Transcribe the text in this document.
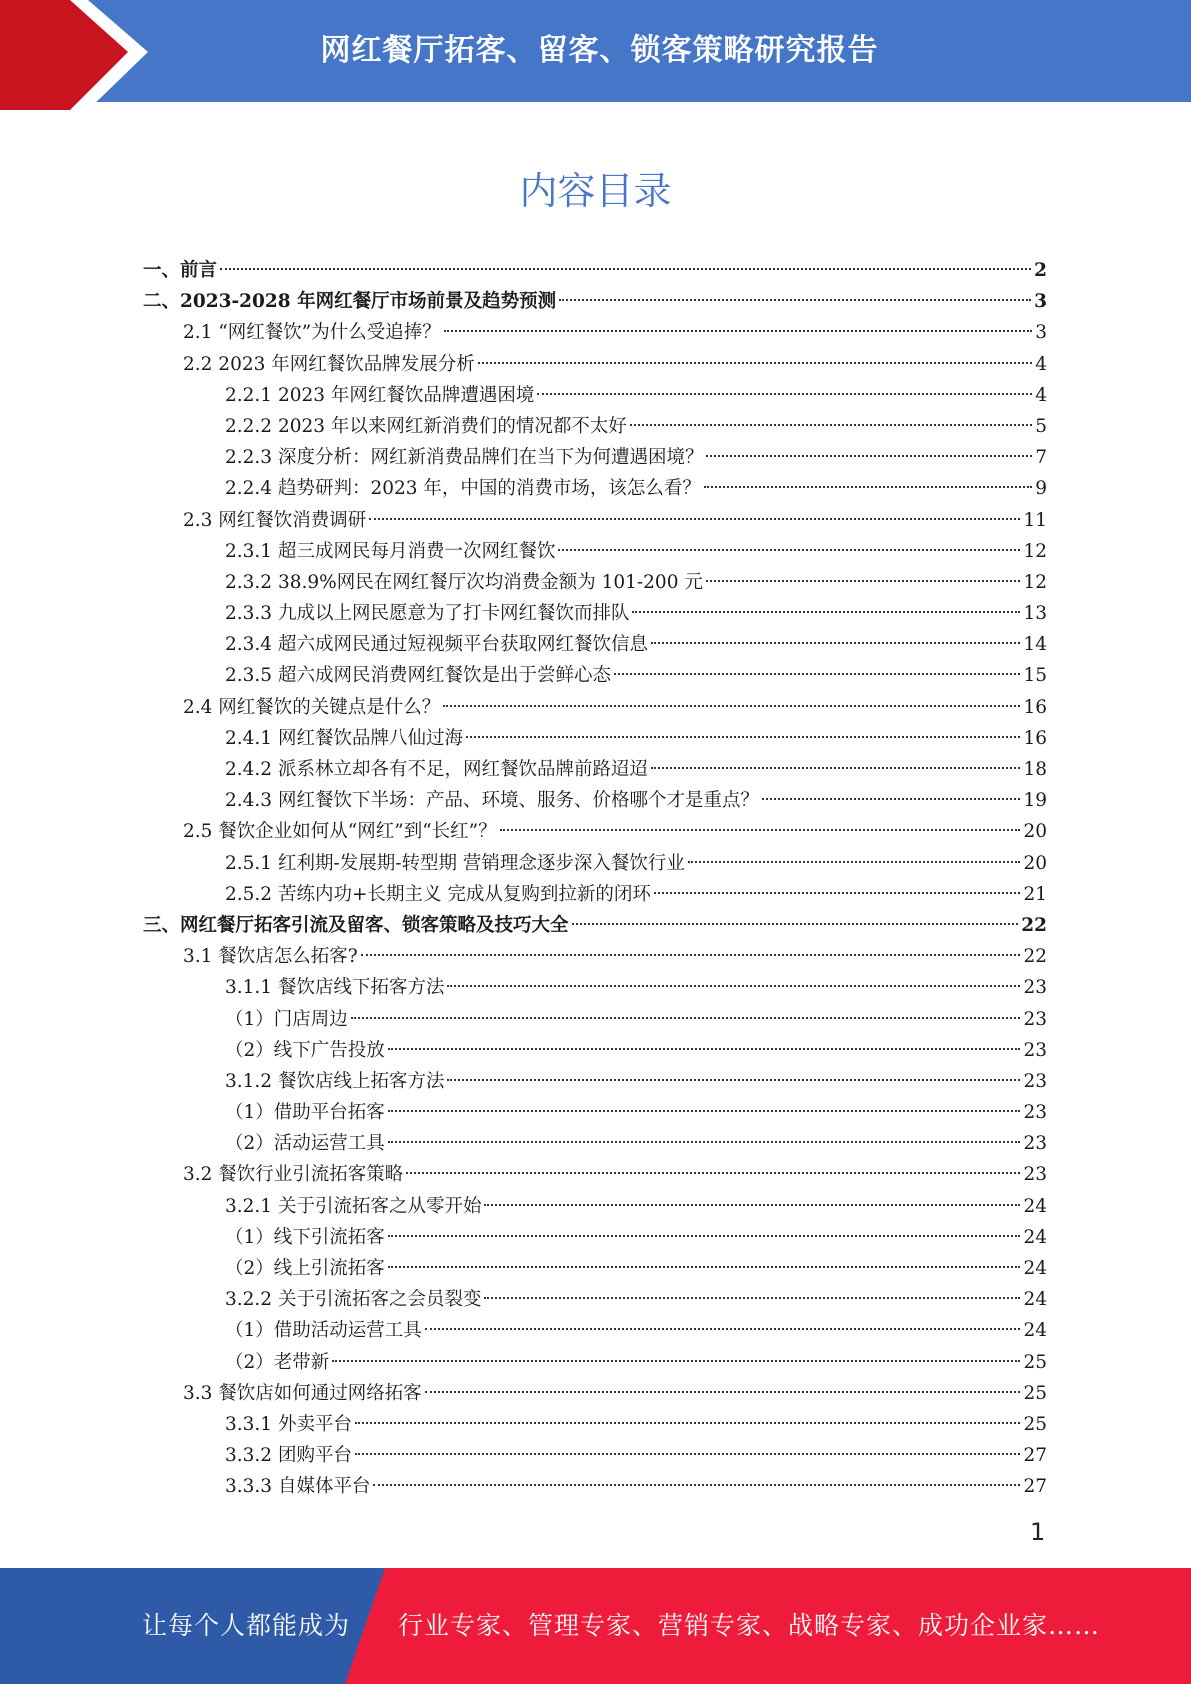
网红餐厅拓客、留客、锁客策略研究报告
内容目录
一、前言	2
二、2023-2028 年网红餐厅市场前景及趋势预测	3
2.1 “网红餐饮”为什么受追捧？	3
2.2 2023 年网红餐饮品牌发展分析	4
2.2.1 2023 年网红餐饮品牌遭遇困境	4
2.2.2 2023 年以来网红新消费们的情况都不太好	5
2.2.3 深度分析：网红新消费品牌们在当下为何遭遇困境？	7
2.2.4 趋势研判：2023 年，中国的消费市场，该怎么看？	9
2.3 网红餐饮消费调研	11
2.3.1 超三成网民每月消费一次网红餐饮	12
2.3.2 38.9%网民在网红餐厅次均消费金额为 101-200 元	12
2.3.3 九成以上网民愿意为了打卡网红餐饮而排队	13
2.3.4 超六成网民通过短视频平台获取网红餐饮信息	14
2.3.5 超六成网民消费网红餐饮是出于尝鲜心态	15
2.4 网红餐饮的关键点是什么？	16
2.4.1 网红餐饮品牌八仙过海	16
2.4.2 派系林立却各有不足，网红餐饮品牌前路迢迢	18
2.4.3 网红餐饮下半场：产品、环境、服务、价格哪个才是重点？	19
2.5 餐饮企业如何从“网红”到“长红”？	20
2.5.1 红利期-发展期-转型期 营销理念逐步深入餐饮行业	20
2.5.2 苦练内功+长期主义 完成从复购到拉新的闭环	21
三、网红餐厅拓客引流及留客、锁客策略及技巧大全	22
3.1 餐饮店怎么拓客?	22
3.1.1 餐饮店线下拓客方法	23
（1）门店周边	23
（2）线下广告投放	23
3.1.2 餐饮店线上拓客方法	23
（1）借助平台拓客	23
（2）活动运营工具	23
3.2 餐饮行业引流拓客策略	23
3.2.1 关于引流拓客之从零开始	24
（1）线下引流拓客	24
（2）线上引流拓客	24
3.2.2 关于引流拓客之会员裂变	24
（1）借助活动运营工具	24
（2）老带新	25
3.3 餐饮店如何通过网络拓客	25
3.3.1 外卖平台	25
3.3.2 团购平台	27
3.3.3 自媒体平台	27
1
让每个人都能成为 行业专家、管理专家、营销专家、战略专家、成功企业家……
